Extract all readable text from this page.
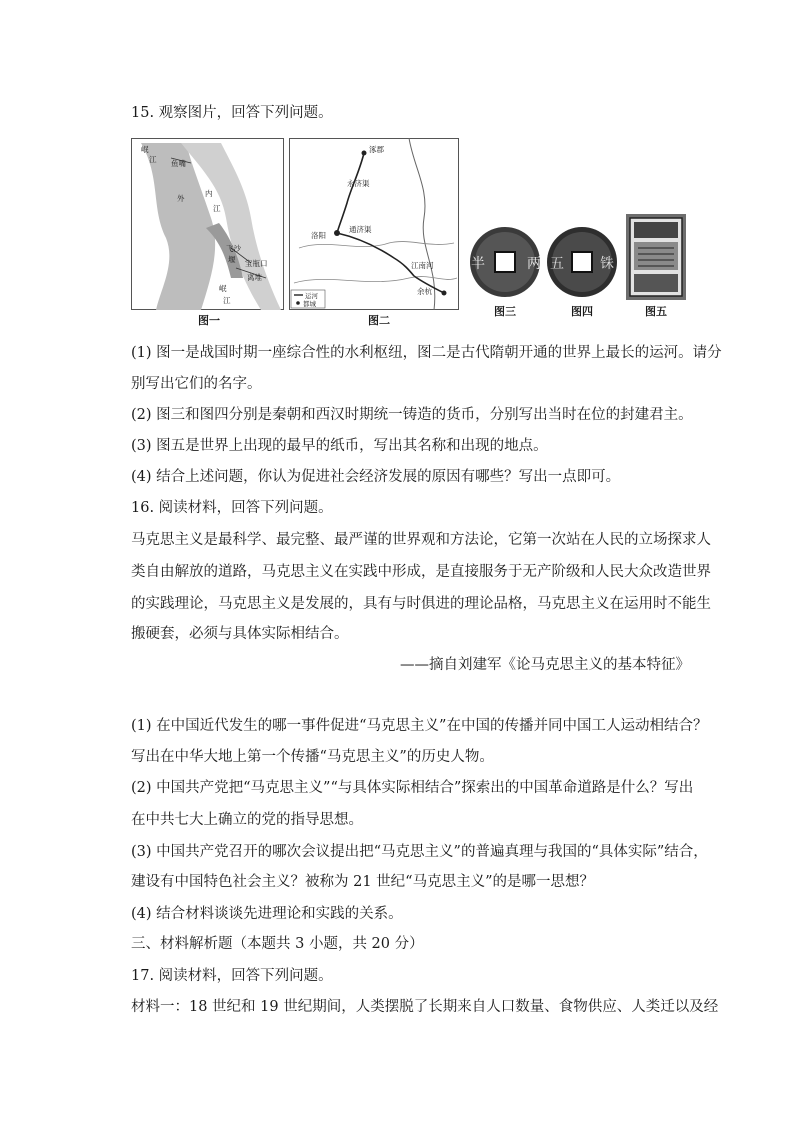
15. 观察图片，回答下列问题。
岷
江 鱼嘴
外
内
江
飞沙
堰 宝瓶口
离堆
岷
江
图一
涿郡
永济渠
通济渠
洛阳
江南河
余杭
运河
都城
图二
两
半
图三
五	铢
图四	图五
(1) 图一是战国时期一座综合性的水利枢纽，图二是古代隋朝开通的世界上最长的运河。请分
别写出它们的名字。
(2) 图三和图四分别是秦朝和西汉时期统一铸造的货币，分别写出当时在位的封建君主。
(3) 图五是世界上出现的最早的纸币，写出其名称和出现的地点。
(4) 结合上述问题，你认为促进社会经济发展的原因有哪些？写出一点即可。
16. 阅读材料，回答下列问题。
马克思主义是最科学、最完整、最严谨的世界观和方法论，它第一次站在人民的立场探求人
类自由解放的道路，马克思主义在实践中形成，是直接服务于无产阶级和人民大众改造世界
的实践理论，马克思主义是发展的，具有与时俱进的理论品格，马克思主义在运用时不能生
搬硬套，必须与具体实际相结合。
——摘自刘建军《论马克思主义的基本特征》
(1) 在中国近代发生的哪一事件促进“马克思主义”在中国的传播并同中国工人运动相结合？
写出在中华大地上第一个传播“马克思主义”的历史人物。
(2) 中国共产党把“马克思主义”“与具体实际相结合”探索出的中国革命道路是什么？写出
在中共七大上确立的党的指导思想。
(3) 中国共产党召开的哪次会议提出把“马克思主义”的普遍真理与我国的“具体实际”结合，
建设有中国特色社会主义？被称为 21 世纪“马克思主义”的是哪一思想？
(4) 结合材料谈谈先进理论和实践的关系。
三、材料解析题（本题共 3 小题，共 20 分）
17. 阅读材料，回答下列问题。
材料一：18 世纪和 19 世纪期间，人类摆脱了长期来自人口数量、食物供应、人类迁以及经
